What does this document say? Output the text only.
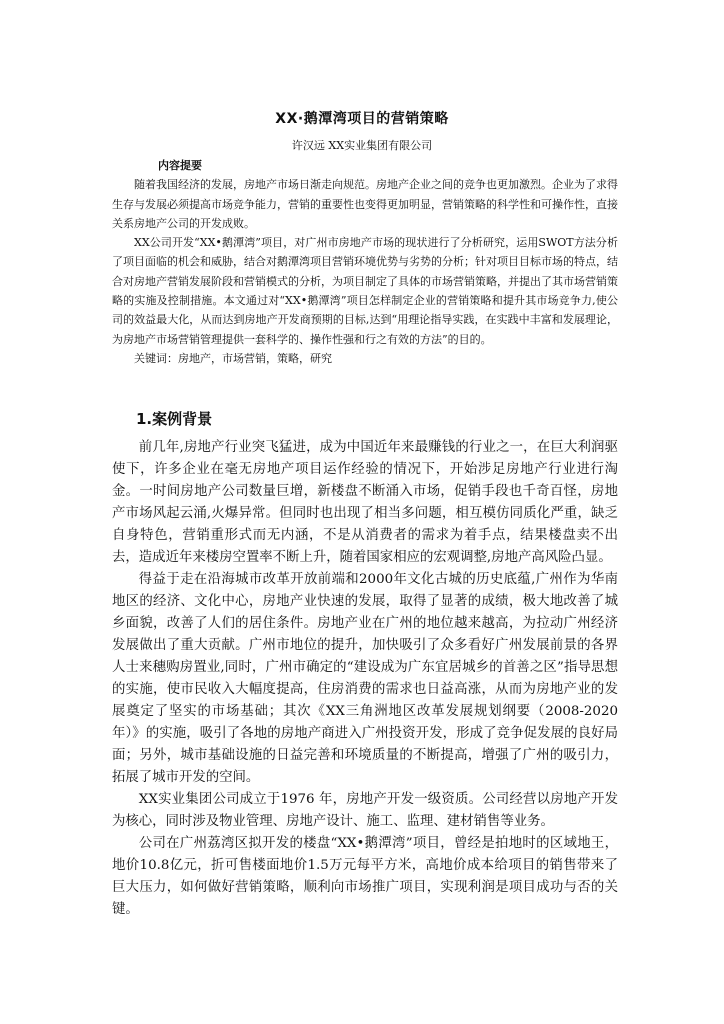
XX·鹅潭湾项目的营销策略

许汉远 XX实业集团有限公司

内容提要

随着我国经济的发展，房地产市场日渐走向规范。房地产企业之间的竞争也更加激烈。企业为了求得生存与发展必须提高市场竞争能力，营销的重要性也变得更加明显，营销策略的科学性和可操作性，直接关系房地产公司的开发成败。

XX公司开发“XX•鹅潭湾”项目，对广州市房地产市场的现状进行了分析研究，运用SWOT方法分析了项目面临的机会和威胁，结合对鹅潭湾项目营销环境优势与劣势的分析；针对项目目标市场的特点，结合对房地产营销发展阶段和营销模式的分析，为项目制定了具体的市场营销策略，并提出了其市场营销策略的实施及控制措施。本文通过对“XX•鹅潭湾”项目怎样制定企业的营销策略和提升其市场竞争力,使公司的效益最大化，从而达到房地产开发商预期的目标,达到“用理论指导实践，在实践中丰富和发展理论，为房地产市场营销管理提供一套科学的、操作性强和行之有效的方法”的目的。

关键词：房地产，市场营销，策略，研究

1.案例背景

前几年,房地产行业突飞猛进，成为中国近年来最赚钱的行业之一，在巨大利润驱使下，许多企业在毫无房地产项目运作经验的情况下，开始涉足房地产行业进行淘金。一时间房地产公司数量巨增，新楼盘不断涌入市场，促销手段也千奇百怪，房地产市场风起云涌,火爆异常。但同时也出现了相当多问题，相互模仿同质化严重，缺乏自身特色，营销重形式而无内涵，不是从消费者的需求为着手点，结果楼盘卖不出去，造成近年来楼房空置率不断上升，随着国家相应的宏观调整,房地产高风险凸显。

得益于走在沿海城市改革开放前端和2000年文化古城的历史底蕴,广州作为华南地区的经济、文化中心，房地产业快速的发展，取得了显著的成绩，极大地改善了城乡面貌，改善了人们的居住条件。房地产业在广州的地位越来越高，为拉动广州经济发展做出了重大贡献。广州市地位的提升，加快吸引了众多看好广州发展前景的各界人士来穗购房置业,同时，广州市确定的“建设成为广东宜居城乡的首善之区”指导思想的实施，使市民收入大幅度提高，住房消费的需求也日益高涨，从而为房地产业的发展奠定了坚实的市场基础；其次《XX三角洲地区改革发展规划纲要（2008-2020年）》的实施，吸引了各地的房地产商进入广州投资开发，形成了竞争促发展的良好局面；另外，城市基础设施的日益完善和环境质量的不断提高，增强了广州的吸引力，拓展了城市开发的空间。

XX实业集团公司成立于1976 年，房地产开发一级资质。公司经营以房地产开发为核心，同时涉及物业管理、房地产设计、施工、监理、建材销售等业务。

公司在广州荔湾区拟开发的楼盘“XX•鹅潭湾”项目，曾经是拍地时的区域地王，地价10.8亿元，折可售楼面地价1.5万元每平方米，高地价成本给项目的销售带来了巨大压力，如何做好营销策略，顺利向市场推广项目，实现利润是项目成功与否的关键。
